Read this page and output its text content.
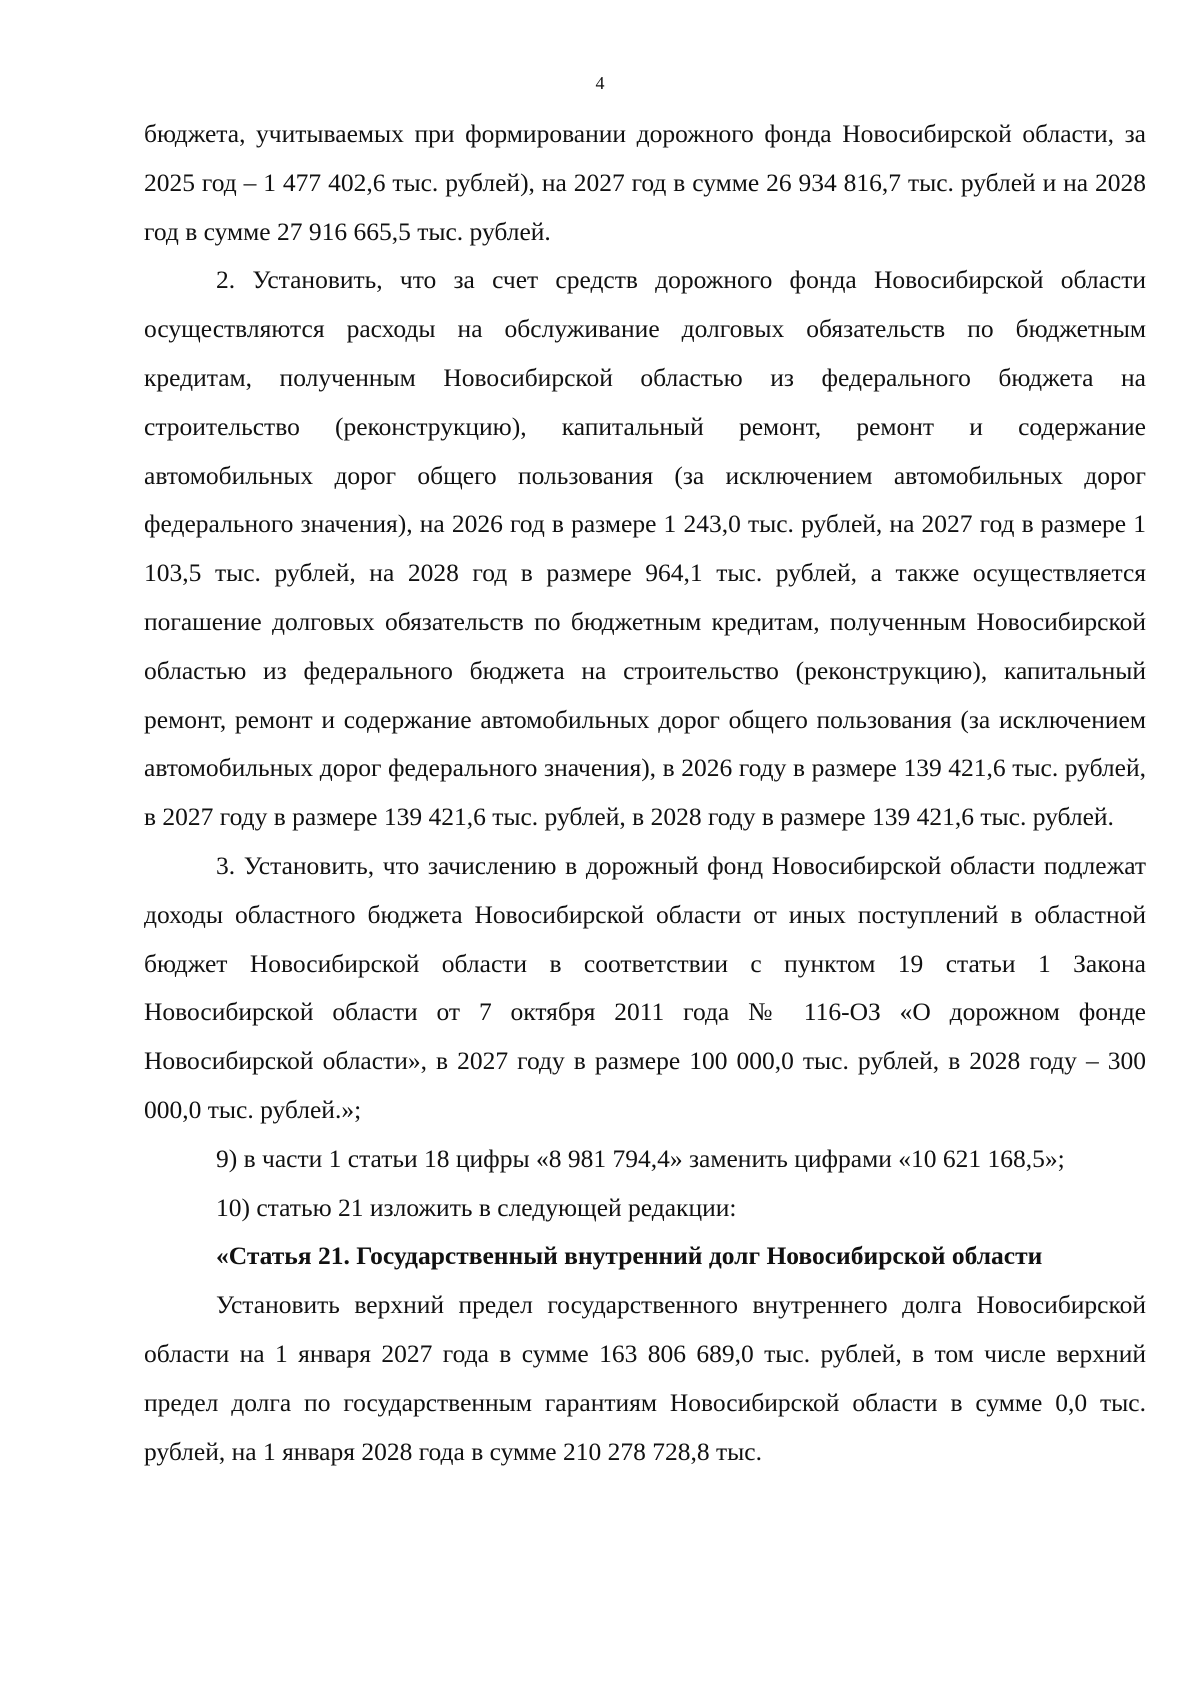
4

бюджета, учитываемых при формировании дорожного фонда Новосибирской области, за 2025 год – 1 477 402,6 тыс. рублей), на 2027 год в сумме 26 934 816,7 тыс. рублей и на 2028 год в сумме 27 916 665,5 тыс. рублей.

2. Установить, что за счет средств дорожного фонда Новосибирской области осуществляются расходы на обслуживание долговых обязательств по бюджетным кредитам, полученным Новосибирской областью из федерального бюджета на строительство (реконструкцию), капитальный ремонт, ремонт и содержание автомобильных дорог общего пользования (за исключением автомобильных дорог федерального значения), на 2026 год в размере 1 243,0 тыс. рублей, на 2027 год в размере 1 103,5 тыс. рублей, на 2028 год в размере 964,1 тыс. рублей, а также осуществляется погашение долговых обязательств по бюджетным кредитам, полученным Новосибирской областью из федерального бюджета на строительство (реконструкцию), капитальный ремонт, ремонт и содержание автомобильных дорог общего пользования (за исключением автомобильных дорог федерального значения), в 2026 году в размере 139 421,6 тыс. рублей, в 2027 году в размере 139 421,6 тыс. рублей, в 2028 году в размере 139 421,6 тыс. рублей.

3. Установить, что зачислению в дорожный фонд Новосибирской области подлежат доходы областного бюджета Новосибирской области от иных поступлений в областной бюджет Новосибирской области в соответствии с пунктом 19 статьи 1 Закона Новосибирской области от 7 октября 2011 года № 116-ОЗ «О дорожном фонде Новосибирской области», в 2027 году в размере 100 000,0 тыс. рублей, в 2028 году – 300 000,0 тыс. рублей.»;

9) в части 1 статьи 18 цифры «8 981 794,4» заменить цифрами «10 621 168,5»;

10) статью 21 изложить в следующей редакции:

«Статья 21. Государственный внутренний долг Новосибирской области

Установить верхний предел государственного внутреннего долга Новосибирской области на 1 января 2027 года в сумме 163 806 689,0 тыс. рублей, в том числе верхний предел долга по государственным гарантиям Новосибирской области в сумме 0,0 тыс. рублей, на 1 января 2028 года в сумме 210 278 728,8 тыс.
